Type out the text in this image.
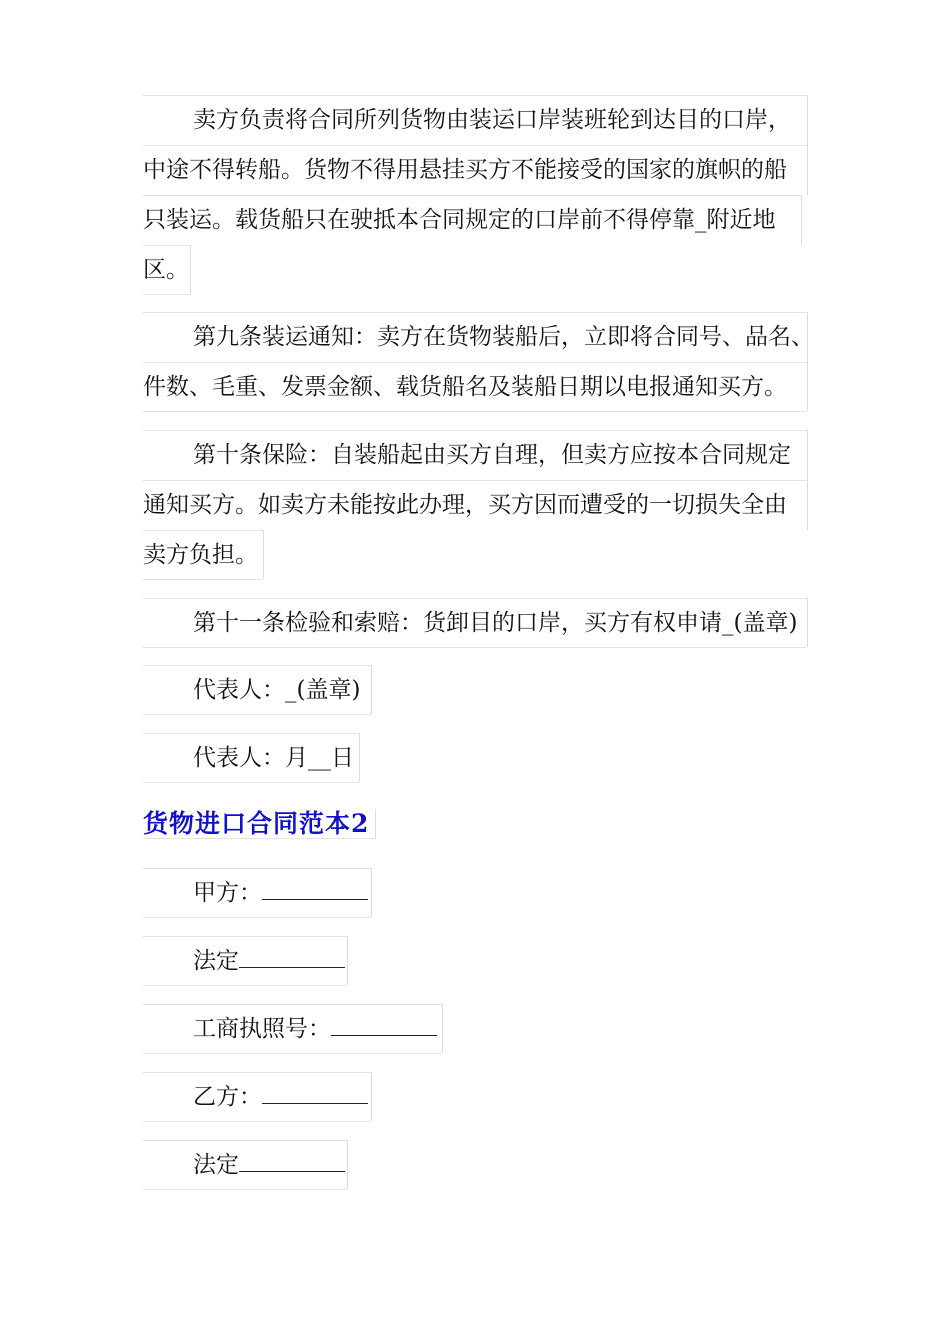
卖方负责将合同所列货物由装运口岸装班轮到达目的口岸，
中途不得转船。货物不得用悬挂买方不能接受的国家的旗帜的船
只装运。载货船只在驶抵本合同规定的口岸前不得停靠_附近地
区。
第九条装运通知：卖方在货物装船后，立即将合同号、品名、
件数、毛重、发票金额、载货船名及装船日期以电报通知买方。
第十条保险：自装船起由买方自理，但卖方应按本合同规定
通知买方。如卖方未能按此办理，买方因而遭受的一切损失全由
卖方负担。
第十一条检验和索赔：货卸目的口岸，买方有权申请_(盖章)
代表人：_(盖章)
代表人：月__日
货物进口合同范本2
甲方：
法定
工商执照号：
乙方：
法定
